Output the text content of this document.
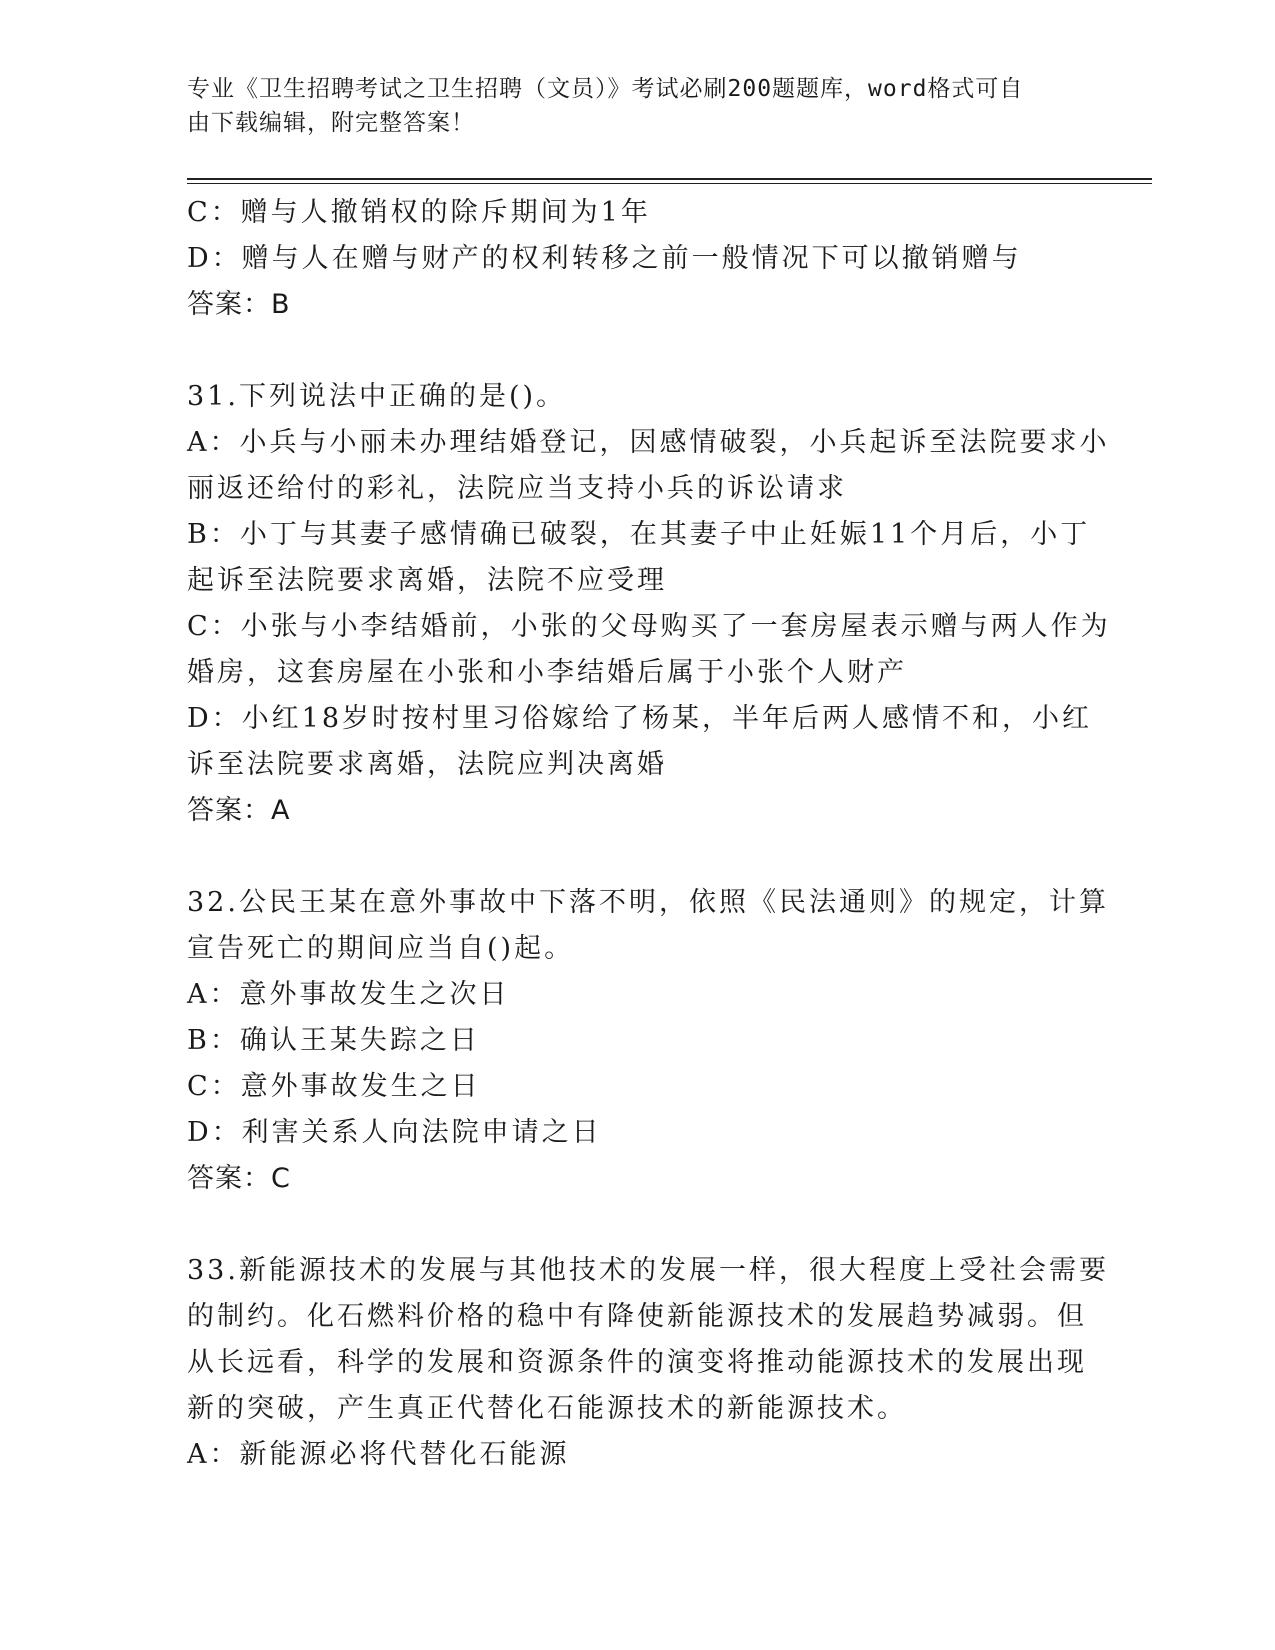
专业《卫生招聘考试之卫生招聘（文员）》考试必刷200题题库，word格式可自
由下载编辑，附完整答案！
C：赠与人撤销权的除斥期间为1年
D：赠与人在赠与财产的权利转移之前一般情况下可以撤销赠与
答案：B
31.下列说法中正确的是()。
A：小兵与小丽未办理结婚登记，因感情破裂，小兵起诉至法院要求小
丽返还给付的彩礼，法院应当支持小兵的诉讼请求
B：小丁与其妻子感情确已破裂，在其妻子中止妊娠11个月后，小丁
起诉至法院要求离婚，法院不应受理
C：小张与小李结婚前，小张的父母购买了一套房屋表示赠与两人作为
婚房，这套房屋在小张和小李结婚后属于小张个人财产
D：小红18岁时按村里习俗嫁给了杨某，半年后两人感情不和，小红
诉至法院要求离婚，法院应判决离婚
答案：A
32.公民王某在意外事故中下落不明，依照《民法通则》的规定，计算
宣告死亡的期间应当自()起。
A：意外事故发生之次日
B：确认王某失踪之日
C：意外事故发生之日
D：利害关系人向法院申请之日
答案：C
33.新能源技术的发展与其他技术的发展一样，很大程度上受社会需要
的制约。化石燃料价格的稳中有降使新能源技术的发展趋势减弱。但
从长远看，科学的发展和资源条件的演变将推动能源技术的发展出现
新的突破，产生真正代替化石能源技术的新能源技术。
A：新能源必将代替化石能源
